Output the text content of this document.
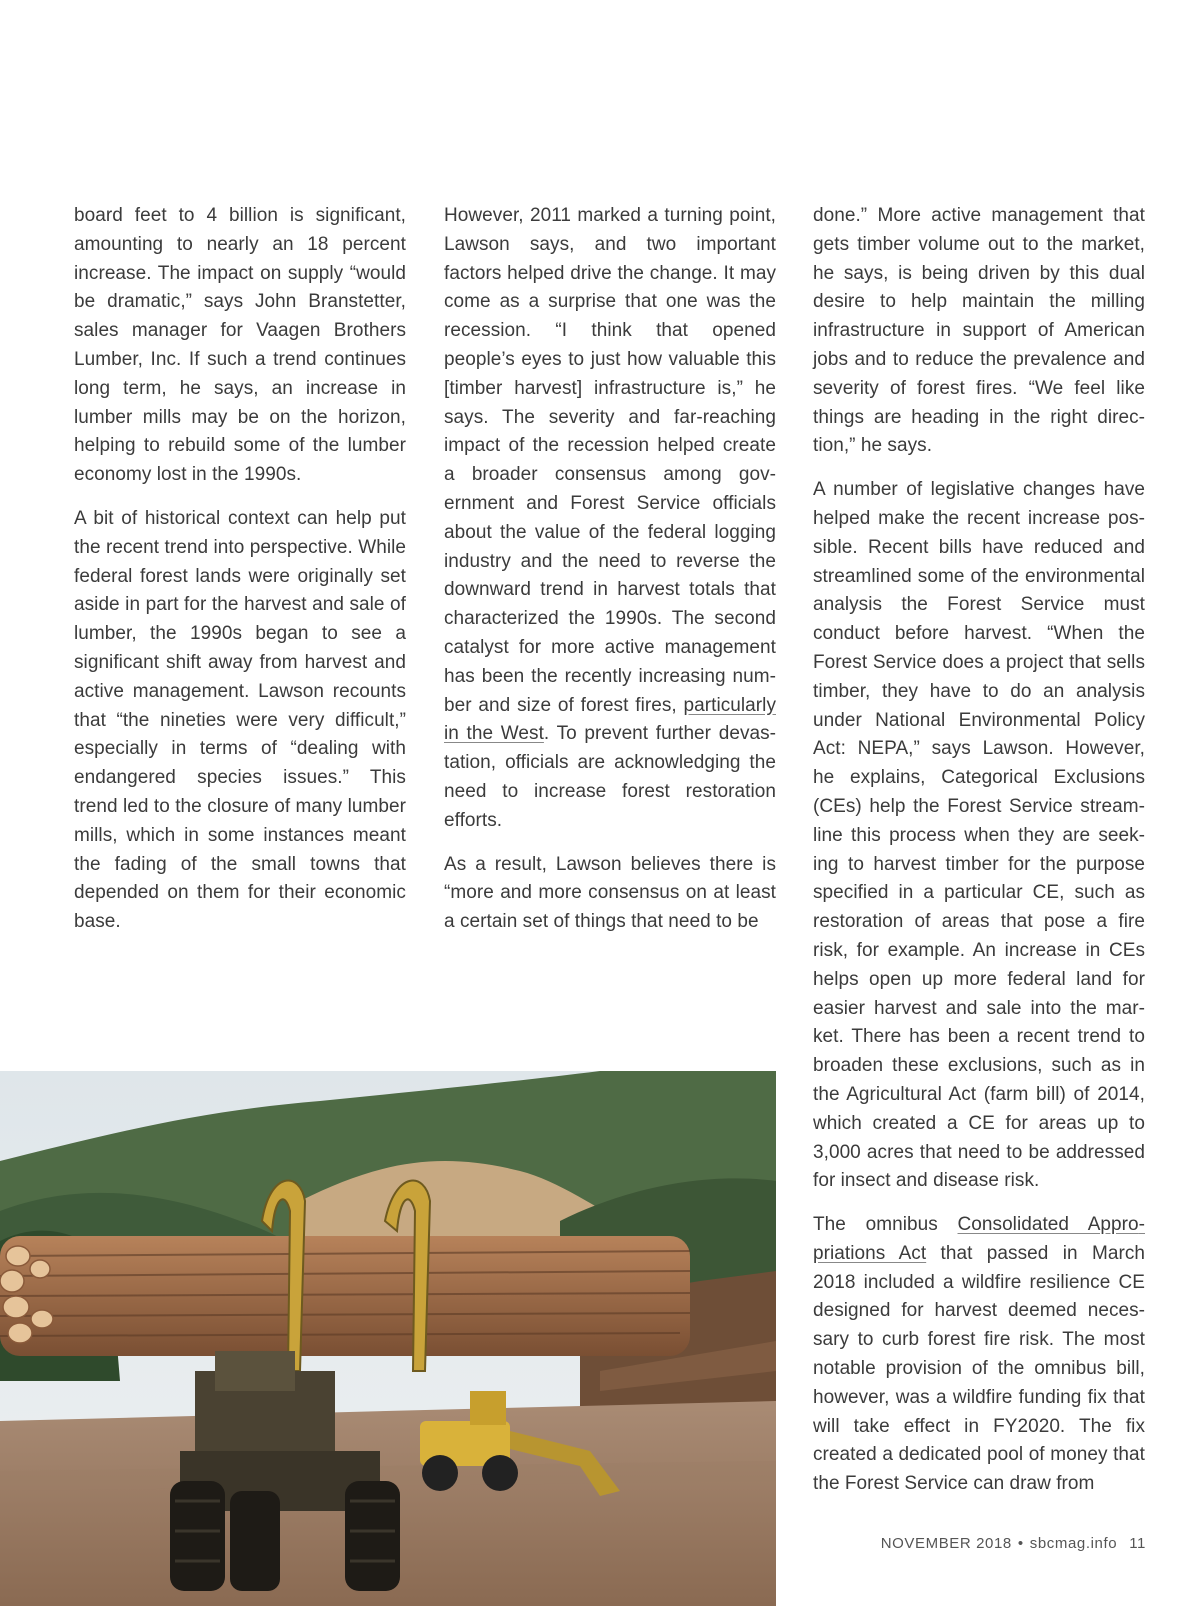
board feet to 4 billion is significant, amounting to nearly an 18 percent increase. The impact on supply “would be dramatic,” says John Branstetter, sales manager for Vaagen Brothers Lumber, Inc. If such a trend continues long term, he says, an increase in lumber mills may be on the horizon, helping to rebuild some of the lumber economy lost in the 1990s.

A bit of historical context can help put the recent trend into perspective. While federal forest lands were originally set aside in part for the harvest and sale of lumber, the 1990s began to see a significant shift away from harvest and active management. Lawson recounts that “the nineties were very difficult,” especially in terms of “dealing with endangered species issues.” This trend led to the closure of many lumber mills, which in some instances meant the fading of the small towns that depended on them for their economic base.

However, 2011 marked a turning point, Lawson says, and two important factors helped drive the change. It may come as a surprise that one was the recession. “I think that opened people’s eyes to just how valuable this [timber harvest] infrastructure is,” he says. The severity and far-reaching impact of the recession helped create a broader consensus among government and Forest Service officials about the value of the federal logging industry and the need to reverse the downward trend in harvest totals that characterized the 1990s. The second catalyst for more active management has been the recently increasing number and size of forest fires, particularly in the West. To prevent further devastation, officials are acknowledging the need to increase forest restoration efforts.

As a result, Lawson believes there is “more and more consensus on at least a certain set of things that need to be

done.” More active management that gets timber volume out to the market, he says, is being driven by this dual desire to help maintain the milling infrastructure in support of American jobs and to reduce the prevalence and severity of forest fires. “We feel like things are heading in the right direction,” he says.

A number of legislative changes have helped make the recent increase possible. Recent bills have reduced and streamlined some of the environmental analysis the Forest Service must conduct before harvest. “When the Forest Service does a project that sells timber, they have to do an analysis under National Environmental Policy Act: NEPA,” says Lawson. However, he explains, Categorical Exclusions (CEs) help the Forest Service streamline this process when they are seeking to harvest timber for the purpose specified in a particular CE, such as restoration of areas that pose a fire risk, for example. An increase in CEs helps open up more federal land for easier harvest and sale into the market. There has been a recent trend to broaden these exclusions, such as in the Agricultural Act (farm bill) of 2014, which created a CE for areas up to 3,000 acres that need to be addressed for insect and disease risk.

The omnibus Consolidated Appropriations Act that passed in March 2018 included a wildfire resilience CE designed for harvest deemed necessary to curb forest fire risk. The most notable provision of the omnibus bill, however, was a wildfire funding fix that will take effect in FY2020. The fix created a dedicated pool of money that the Forest Service can draw from

NOVEMBER 2018 • sbcmag.info 11
